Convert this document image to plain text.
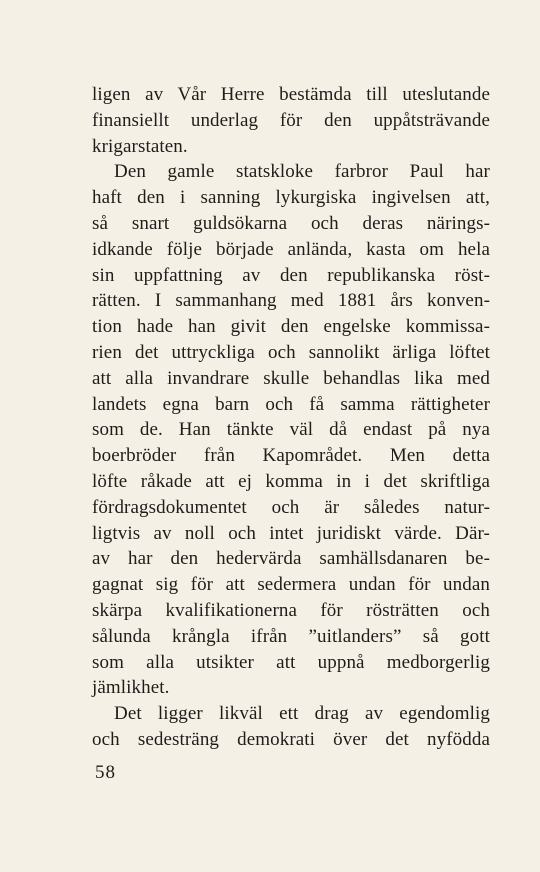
ligen av Vår Herre bestämda till uteslutande
finansiellt underlag för den uppåtsträvande
krigarstaten.
Den gamle statskloke farbror Paul har
haft den i sanning lykurgiska ingivelsen att,
så snart guldsökarna och deras närings-
idkande följe började anlända, kasta om hela
sin uppfattning av den republikanska röst-
rätten. I sammanhang med 1881 års konven-
tion hade han givit den engelske kommissa-
rien det uttryckliga och sannolikt ärliga löftet
att alla invandrare skulle behandlas lika med
landets egna barn och få samma rättigheter
som de. Han tänkte väl då endast på nya
boerbröder från Kapområdet. Men detta
löfte råkade att ej komma in i det skriftliga
fördragsdokumentet och är således natur-
ligtvis av noll och intet juridiskt värde. Där-
av har den hedervärda samhällsdanaren be-
gagnat sig för att sedermera undan för undan
skärpa kvalifikationerna för rösträtten och
sålunda krångla ifrån ”uitlanders” så gott
som alla utsikter att uppnå medborgerlig
jämlikhet.
Det ligger likväl ett drag av egendomlig
och sedesträng demokrati över det nyfödda
58
